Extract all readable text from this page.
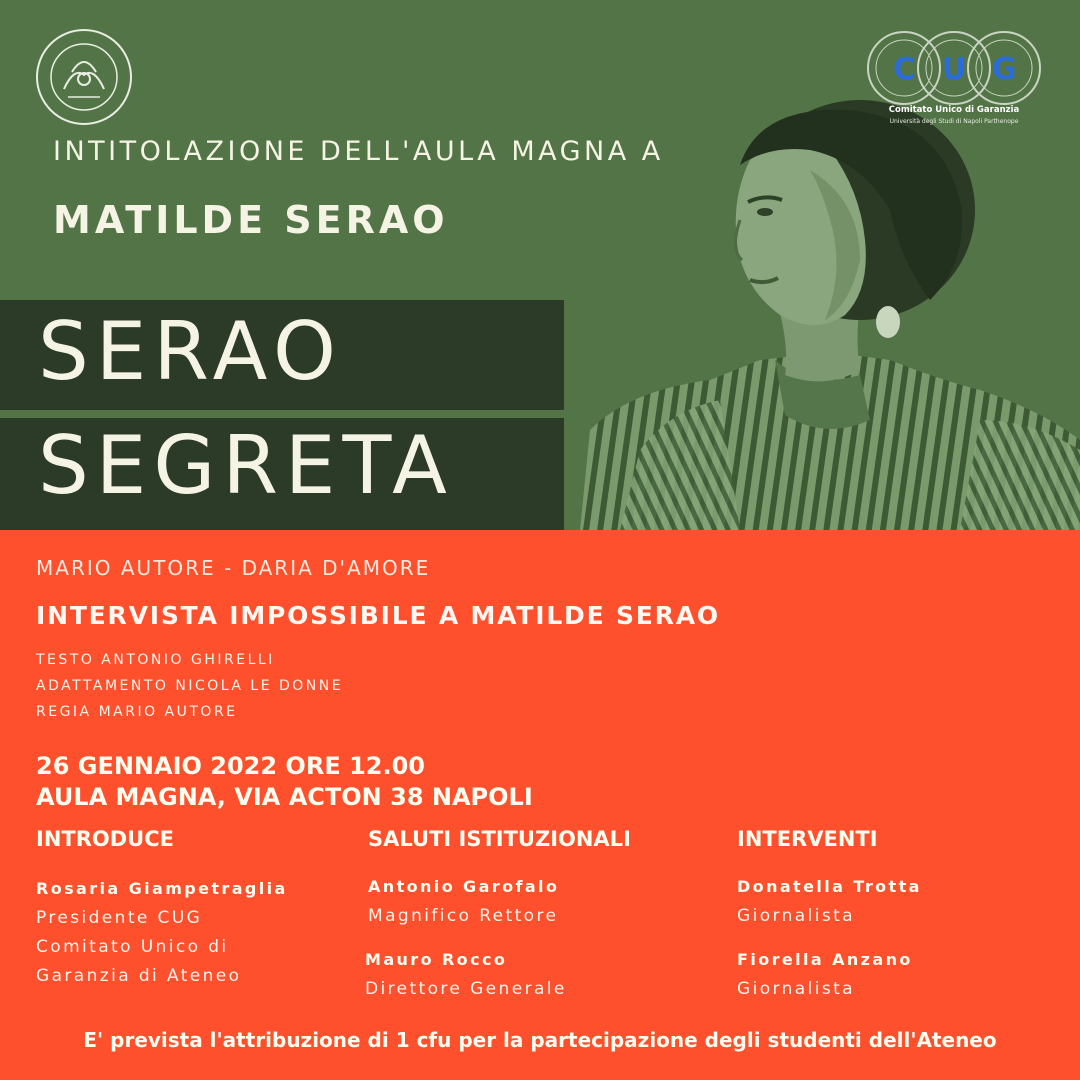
C U G
Comitato Unico di Garanzia
Università degli Studi di Napoli Parthenope
INTITOLAZIONE DELL'AULA MAGNA A
MATILDE SERAO
SERAO
SEGRETA
MARIO AUTORE - DARIA D'AMORE
INTERVISTA IMPOSSIBILE A MATILDE SERAO
TESTO ANTONIO GHIRELLI
ADATTAMENTO NICOLA LE DONNE
REGIA MARIO AUTORE
26 GENNAIO 2022 ORE 12.00
AULA MAGNA, VIA ACTON 38 NAPOLI
INTRODUCE
Rosaria Giampetraglia
Presidente CUG
Comitato Unico di
Garanzia di Ateneo
SALUTI ISTITUZIONALI
Antonio Garofalo
Magnifico Rettore
Mauro Rocco
Direttore Generale
INTERVENTI
Donatella Trotta
Giornalista
Fiorella Anzano
Giornalista
E' prevista l'attribuzione di 1 cfu per la partecipazione degli studenti dell'Ateneo
